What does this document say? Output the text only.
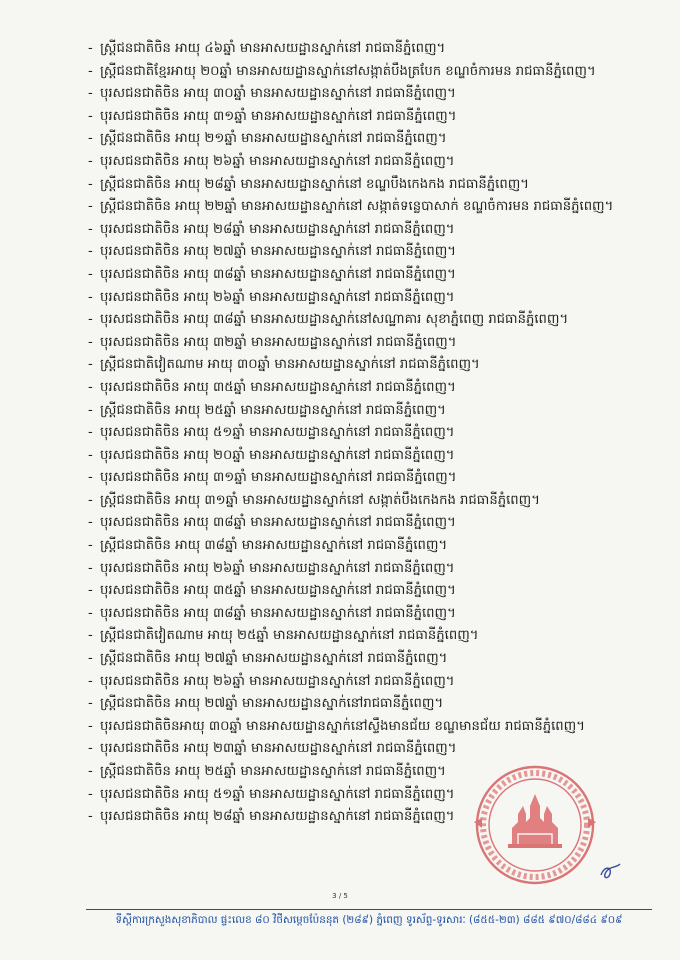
- ស្ត្រីជនជាតិចិន អាយុ ៤៦ឆ្នាំ មានអាសយដ្ឋានស្នាក់នៅ រាជធានីភ្នំពេញ។
- ស្ត្រីជនជាតិខ្មែរអាយុ ២០ឆ្នាំ មានអាសយដ្ឋានស្នាក់នៅសង្កាត់បឹងត្របែក ខណ្ឌចំការមន រាជធានីភ្នំពេញ។
- បុរសជនជាតិចិន អាយុ ៣០ឆ្នាំ មានអាសយដ្ឋានស្នាក់នៅ រាជធានីភ្នំពេញ។
- បុរសជនជាតិចិន អាយុ ៣១ឆ្នាំ មានអាសយដ្ឋានស្នាក់នៅ រាជធានីភ្នំពេញ។
- ស្ត្រីជនជាតិចិន អាយុ ២១ឆ្នាំ មានអាសយដ្ឋានស្នាក់នៅ រាជធានីភ្នំពេញ។
- បុរសជនជាតិចិន អាយុ ២៦ឆ្នាំ មានអាសយដ្ឋានស្នាក់នៅ រាជធានីភ្នំពេញ។
- ស្ត្រីជនជាតិចិន អាយុ ២៨ឆ្នាំ មានអាសយដ្ឋានស្នាក់នៅ ខណ្ឌបឹងកេងកង រាជធានីភ្នំពេញ។
- ស្ត្រីជនជាតិចិន អាយុ ២២ឆ្នាំ មានអាសយដ្ឋានស្នាក់នៅ សង្កាត់ទន្លេបាសាក់ ខណ្ឌចំការមន រាជធានីភ្នំពេញ។
- បុរសជនជាតិចិន អាយុ ២៨ឆ្នាំ មានអាសយដ្ឋានស្នាក់នៅ រាជធានីភ្នំពេញ។
- បុរសជនជាតិចិន អាយុ ២៧ឆ្នាំ មានអាសយដ្ឋានស្នាក់នៅ រាជធានីភ្នំពេញ។
- បុរសជនជាតិចិន អាយុ ៣៨ឆ្នាំ មានអាសយដ្ឋានស្នាក់នៅ រាជធានីភ្នំពេញ។
- បុរសជនជាតិចិន អាយុ ២៦ឆ្នាំ មានអាសយដ្ឋានស្នាក់នៅ រាជធានីភ្នំពេញ។
- បុរសជនជាតិចិន អាយុ ៣៨ឆ្នាំ មានអាសយដ្ឋានស្នាក់នៅសណ្ឋាគារ សុខាភ្នំពេញ រាជធានីភ្នំពេញ។
- បុរសជនជាតិចិន អាយុ ៣២ឆ្នាំ មានអាសយដ្ឋានស្នាក់នៅ រាជធានីភ្នំពេញ។
- ស្ត្រីជនជាតិវៀតណាម អាយុ ៣០ឆ្នាំ មានអាសយដ្ឋានស្នាក់នៅ រាជធានីភ្នំពេញ។
- បុរសជនជាតិចិន អាយុ ៣៥ឆ្នាំ មានអាសយដ្ឋានស្នាក់នៅ រាជធានីភ្នំពេញ។
- ស្ត្រីជនជាតិចិន អាយុ ២៥ឆ្នាំ មានអាសយដ្ឋានស្នាក់នៅ រាជធានីភ្នំពេញ។
- បុរសជនជាតិចិន អាយុ ៥១ឆ្នាំ មានអាសយដ្ឋានស្នាក់នៅ រាជធានីភ្នំពេញ។
- បុរសជនជាតិចិន អាយុ ២០ឆ្នាំ មានអាសយដ្ឋានស្នាក់នៅ រាជធានីភ្នំពេញ។
- បុរសជនជាតិចិន អាយុ ៣១ឆ្នាំ មានអាសយដ្ឋានស្នាក់នៅ រាជធានីភ្នំពេញ។
- ស្ត្រីជនជាតិចិន អាយុ ៣១ឆ្នាំ មានអាសយដ្ឋានស្នាក់នៅ សង្កាត់បឹងកេងកង រាជធានីភ្នំពេញ។
- បុរសជនជាតិចិន អាយុ ៣៨ឆ្នាំ មានអាសយដ្ឋានស្នាក់នៅ រាជធានីភ្នំពេញ។
- ស្ត្រីជនជាតិចិន អាយុ ៣៨ឆ្នាំ មានអាសយដ្ឋានស្នាក់នៅ រាជធានីភ្នំពេញ។
- បុរសជនជាតិចិន អាយុ ២៦ឆ្នាំ មានអាសយដ្ឋានស្នាក់នៅ រាជធានីភ្នំពេញ។
- បុរសជនជាតិចិន អាយុ ៣៥ឆ្នាំ មានអាសយដ្ឋានស្នាក់នៅ រាជធានីភ្នំពេញ។
- បុរសជនជាតិចិន អាយុ ៣៨ឆ្នាំ មានអាសយដ្ឋានស្នាក់នៅ រាជធានីភ្នំពេញ។
- ស្ត្រីជនជាតិវៀតណាម អាយុ ២៥ឆ្នាំ មានអាសយដ្ឋានស្នាក់នៅ រាជធានីភ្នំពេញ។
- ស្ត្រីជនជាតិចិន អាយុ ២៧ឆ្នាំ មានអាសយដ្ឋានស្នាក់នៅ រាជធានីភ្នំពេញ។
- បុរសជនជាតិចិន អាយុ ២៦ឆ្នាំ មានអាសយដ្ឋានស្នាក់នៅ រាជធានីភ្នំពេញ។
- ស្ត្រីជនជាតិចិន អាយុ ២៧ឆ្នាំ មានអាសយដ្ឋានស្នាក់នៅរាជធានីភ្នំពេញ។
- បុរសជនជាតិចិនអាយុ ៣០ឆ្នាំ មានអាសយដ្ឋានស្នាក់នៅស្ទឹងមានជ័យ ខណ្ឌមានជ័យ រាជធានីភ្នំពេញ។
- បុរសជនជាតិចិន អាយុ ២៣ឆ្នាំ មានអាសយដ្ឋានស្នាក់នៅ រាជធានីភ្នំពេញ។
- ស្ត្រីជនជាតិចិន អាយុ ២៥ឆ្នាំ មានអាសយដ្ឋានស្នាក់នៅ រាជធានីភ្នំពេញ។
- បុរសជនជាតិចិន អាយុ ៥១ឆ្នាំ មានអាសយដ្ឋានស្នាក់នៅ រាជធានីភ្នំពេញ។
- បុរសជនជាតិចិន អាយុ ២៨ឆ្នាំ មានអាសយដ្ឋានស្នាក់នៅ រាជធានីភ្នំពេញ។
3 / 5
ទីស្តីការក្រសួងសុខាភិបាល ផ្ទះលេខ ៨០ វិថីសម្តេចប៉ែននុត (២៨៩) ភ្នំពេញ ទូរស័ព្ទ-ទូរសារៈ (៨៥៥-២៣) ៨៨៥ ៩៧០/៨៨៤ ៩០៩
